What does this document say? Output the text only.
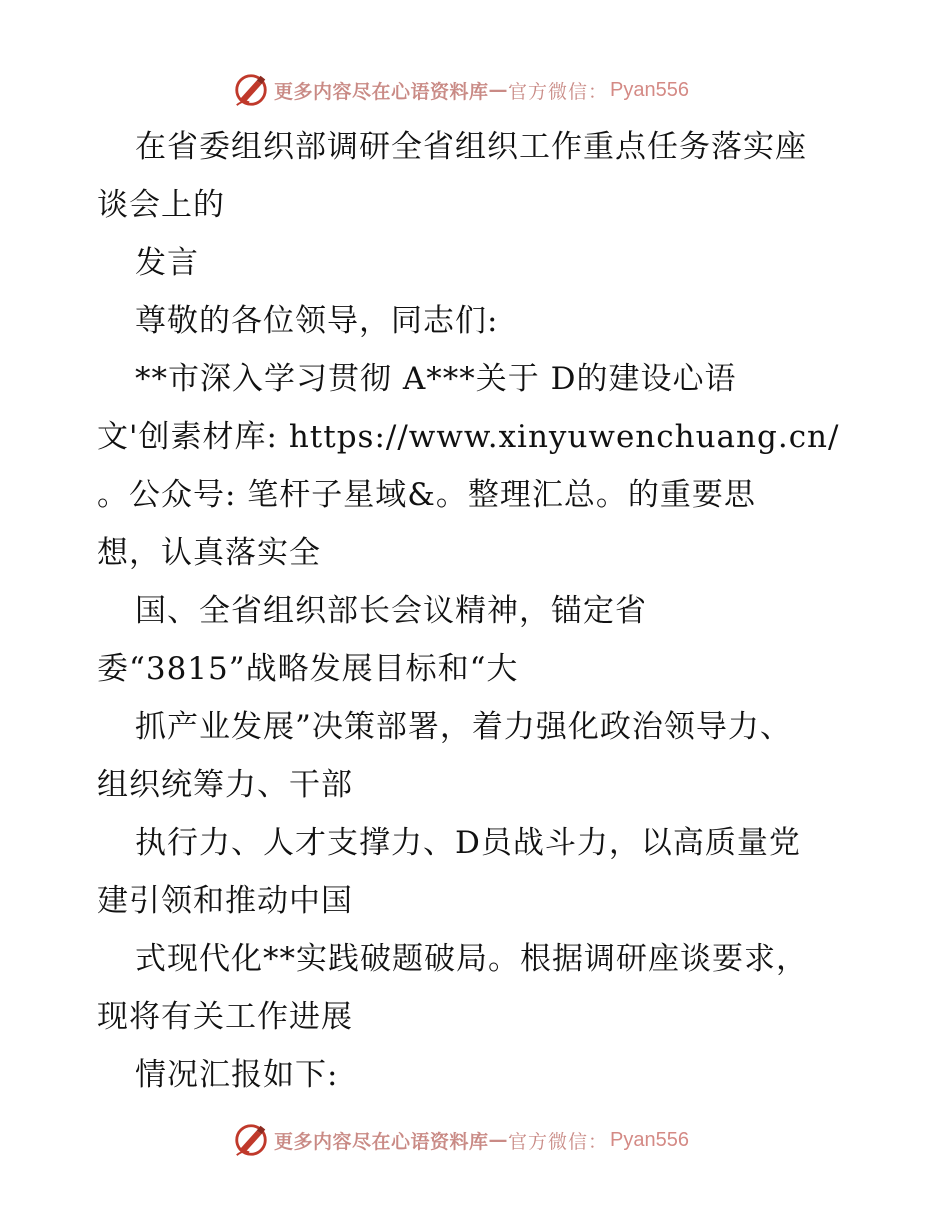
更多内容尽在心语资料库 — 官方微信： Pyan556
在省委组织部调研全省组织工作重点任务落实座
谈会上的
发言
尊敬的各位领导，同志们:
**市深入学习贯彻 A***关于 D的建设心语
文'创素材库: https://www.xinyuwenchuang.cn/
。公众号: 笔杆子星域&。整理汇总。的重要思
想，认真落实全
国、全省组织部长会议精神，锚定省
委“3815”战略发展目标和“大
抓产业发展”决策部署，着力强化政治领导力、
组织统筹力、干部
执行力、人才支撑力、D员战斗力，以高质量党
建引领和推动中国
式现代化**实践破题破局。根据调研座谈要求，
现将有关工作进展
情况汇报如下:
更多内容尽在心语资料库 — 官方微信： Pyan556
